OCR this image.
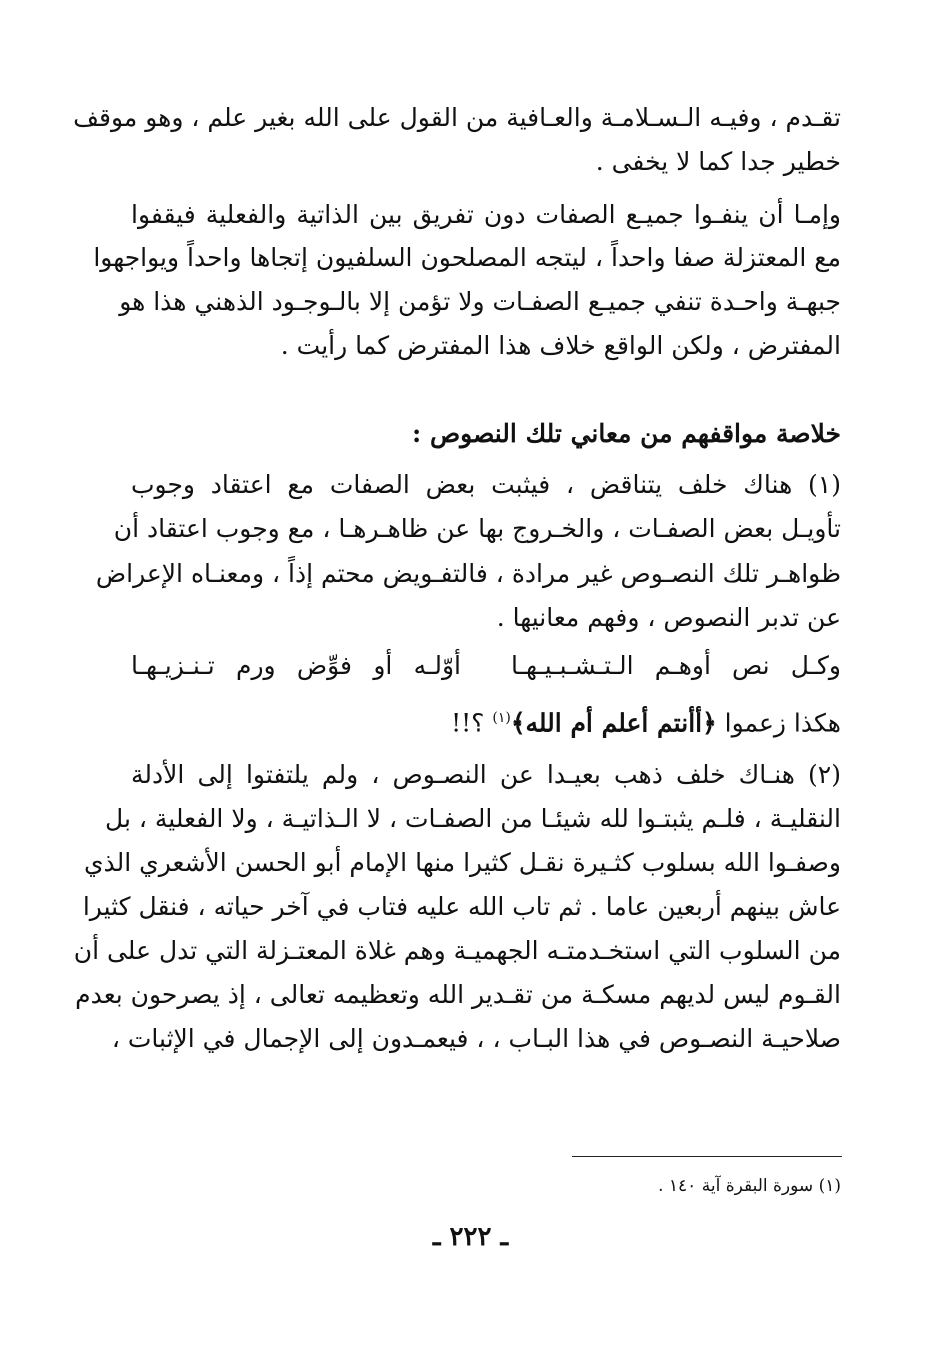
تقـدم ، وفيـه الـسـلامـة والعـافية من القول على الله بغير علم ، وهو موقف
خطير جدا كما لا يخفى .
وإمـا أن ينفـوا جميـع الصفات دون تفريق بين الذاتية والفعلية فيقفوا
مع المعتزلة صفا واحداً ، ليتجه المصلحون السلفيون إتجاها واحداً ويواجهوا
جبهـة واحـدة تنفي جميـع الصفـات ولا تؤمن إلا بالـوجـود الذهني هذا هو
المفترض ، ولكن الواقع خلاف هذا المفترض كما رأيت .
خلاصة مواقفهم من معاني تلك النصوص :
(١) هناك خلف يتناقض ، فيثبت بعض الصفات مع اعتقاد وجوب
تأويـل بعض الصفـات ، والخـروج بها عن ظاهـرهـا ، مع وجوب اعتقاد أن
ظواهـر تلك النصـوص غير مرادة ، فالتفـويض محتم إذاً ، ومعنـاه الإعراض
عن تدبر النصوص ، وفهم معانيها .
وكـل نص أوهـم الـتـشـبـيـهـا
أوّلـه أو فوِّض ورم تـنـزيـهـا
هكذا زعموا ﴿أأنتم أعلم أم الله﴾$^{(١)}$ ؟!!
(٢) هنـاك خلف ذهب بعيـدا عن النصـوص ، ولم يلتفتوا إلى الأدلة
النقليـة ، فلـم يثبتـوا لله شيئـا من الصفـات ، لا الـذاتيـة ، ولا الفعلية ، بل
وصفـوا الله بسلوب كثـيرة نقـل كثيرا منها الإمام أبو الحسن الأشعري الذي
عاش بينهم أربعين عاما . ثم تاب الله عليه فتاب في آخر حياته ، فنقل كثيرا
من السلوب التي استخـدمتـه الجهميـة وهم غلاة المعتـزلة التي تدل على أن
القـوم ليس لديهم مسكـة من تقـدير الله وتعظيمه تعالى ، إذ يصرحون بعدم
صلاحيـة النصـوص في هذا البـاب ، ، فيعمـدون إلى الإجمال في الإثبات ،
(١) سورة البقرة آية ١٤٠ .
ـ ٢٢٢ ـ
